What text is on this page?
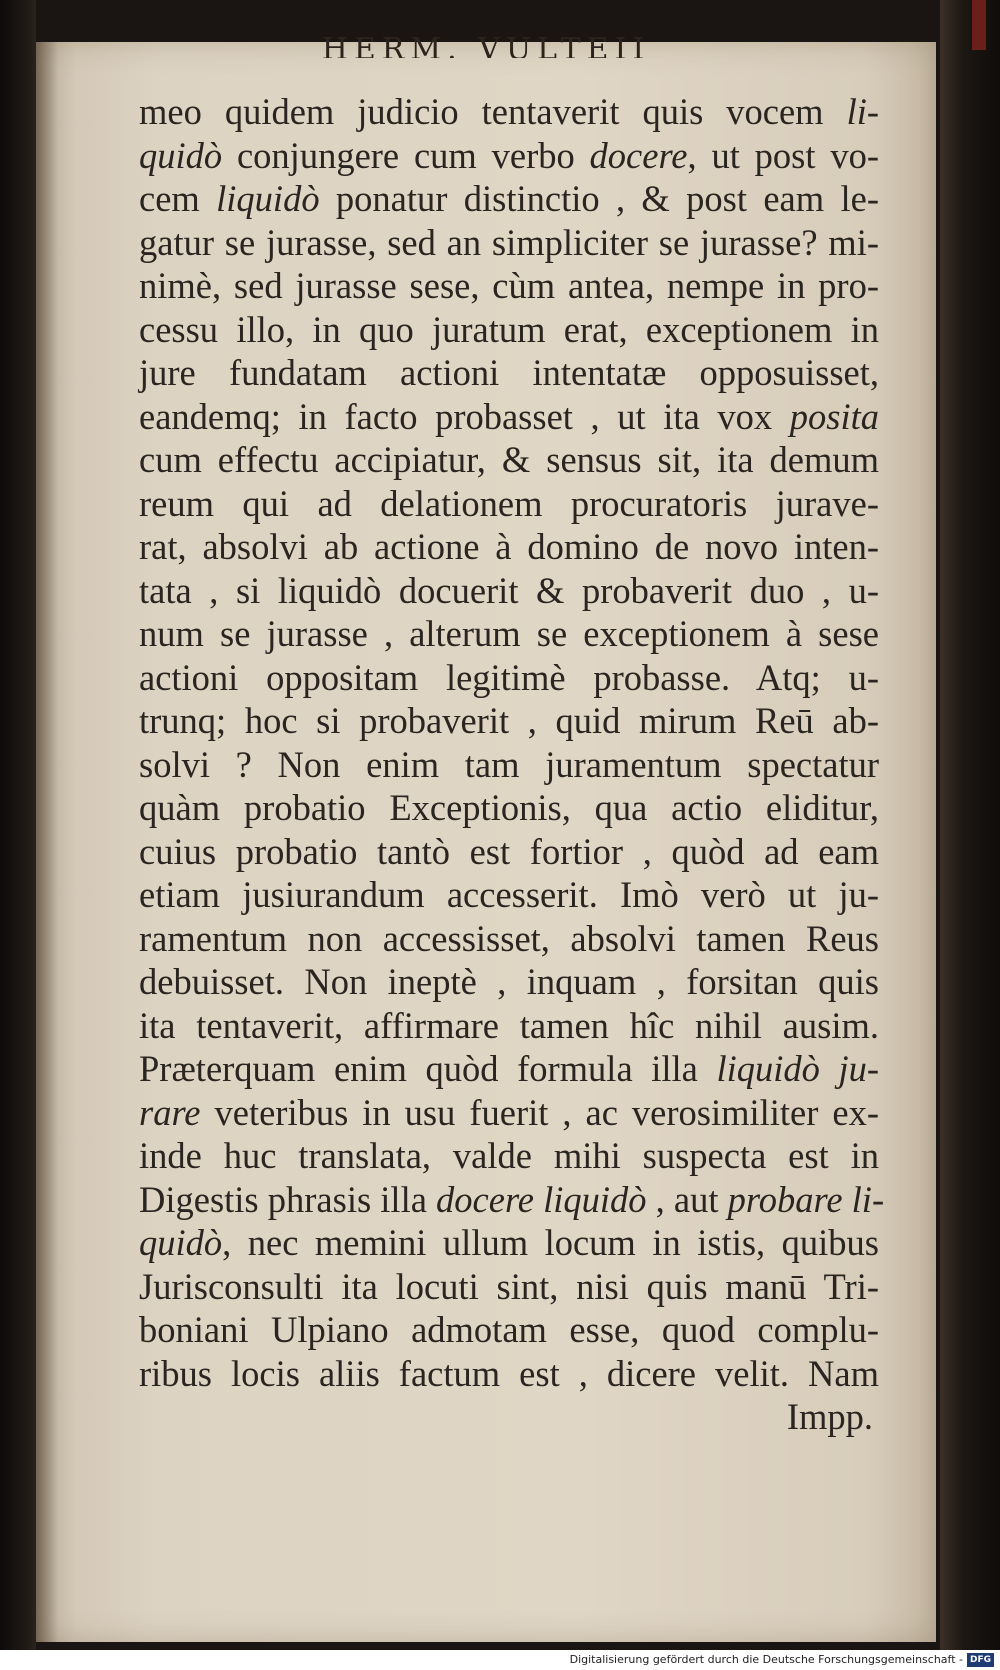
HERM. VULTEII
meo quidem judicio tentaverit quis vocem li-
quidò conjungere cum verbo docere, ut post vo-
cem liquidò ponatur distinctio , & post eam le-
gatur se jurasse, sed an simpliciter se jurasse? mi-
nimè, sed jurasse sese, cùm antea, nempe in pro-
cessu illo, in quo juratum erat, exceptionem in
jure fundatam actioni intentatæ opposuisset,
eandemq; in facto probasset , ut ita vox posita
cum effectu accipiatur, & sensus sit, ita demum
reum qui ad delationem procuratoris jurave-
rat, absolvi ab actione à domino de novo inten-
tata , si liquidò docuerit & probaverit duo , u-
num se jurasse , alterum se exceptionem à sese
actioni oppositam legitimè probasse. Atq; u-
trunq; hoc si probaverit , quid mirum Reū ab-
solvi ? Non enim tam juramentum spectatur
quàm probatio Exceptionis, qua actio eliditur,
cuius probatio tantò est fortior , quòd ad eam
etiam jusiurandum accesserit. Imò verò ut ju-
ramentum non accessisset, absolvi tamen Reus
debuisset. Non ineptè , inquam , forsitan quis
ita tentaverit, affirmare tamen hîc nihil ausim.
Præterquam enim quòd formula illa liquidò ju-
rare veteribus in usu fuerit , ac verosimiliter ex-
inde huc translata, valde mihi suspecta est in
Digestis phrasis illa docere liquidò , aut probare li-
quidò, nec memini ullum locum in istis, quibus
Jurisconsulti ita locuti sint, nisi quis manū Tri-
boniani Ulpiano admotam esse, quod complu-
ribus locis aliis factum est , dicere velit. Nam
Impp.
Digitalisierung gefördert durch die Deutsche Forschungsgemeinschaft - DFG
